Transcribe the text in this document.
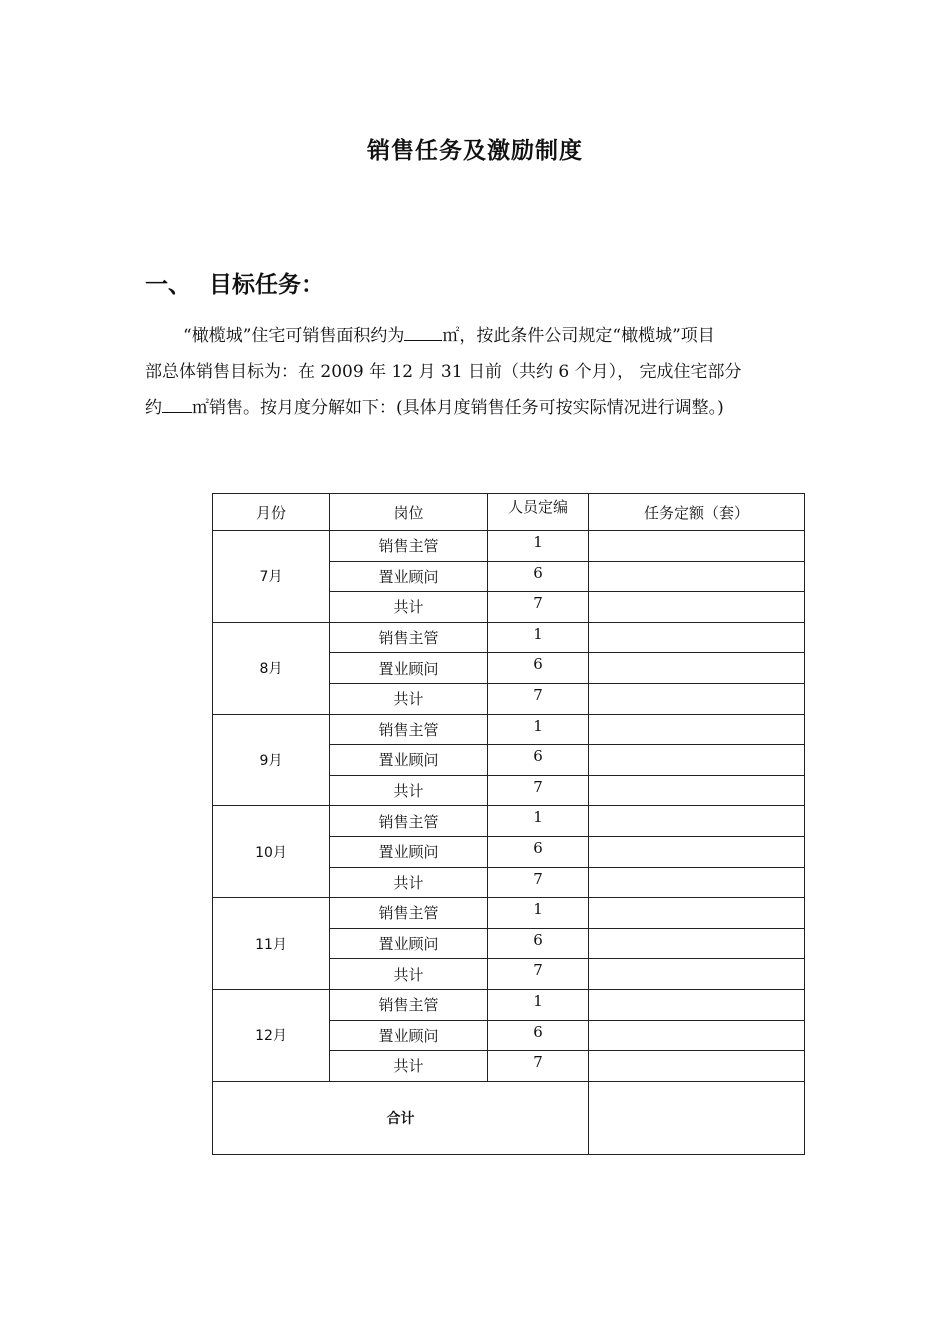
销售任务及激励制度
一、 目标任务：
“橄榄城”住宅可销售面积约为 ㎡，按此条件公司规定“橄榄城”项目
部总体销售目标为：在 2009 年 12 月 31 日前（共约 6 个月）， 完成住宅部分
约 ㎡销售。按月度分解如下：(具体月度销售任务可按实际情况进行调整。)
月份	岗位	人员定编	任务定额（套）
7月	销售主管	1	
	置业顾问	6	
	共计	7	
8月	销售主管	1	
	置业顾问	6	
	共计	7	
9月	销售主管	1	
	置业顾问	6	
	共计	7	
10月	销售主管	1	
	置业顾问	6	
	共计	7	
11月	销售主管	1	
	置业顾问	6	
	共计	7	
12月	销售主管	1	
	置业顾问	6	
	共计	7	
合计			
